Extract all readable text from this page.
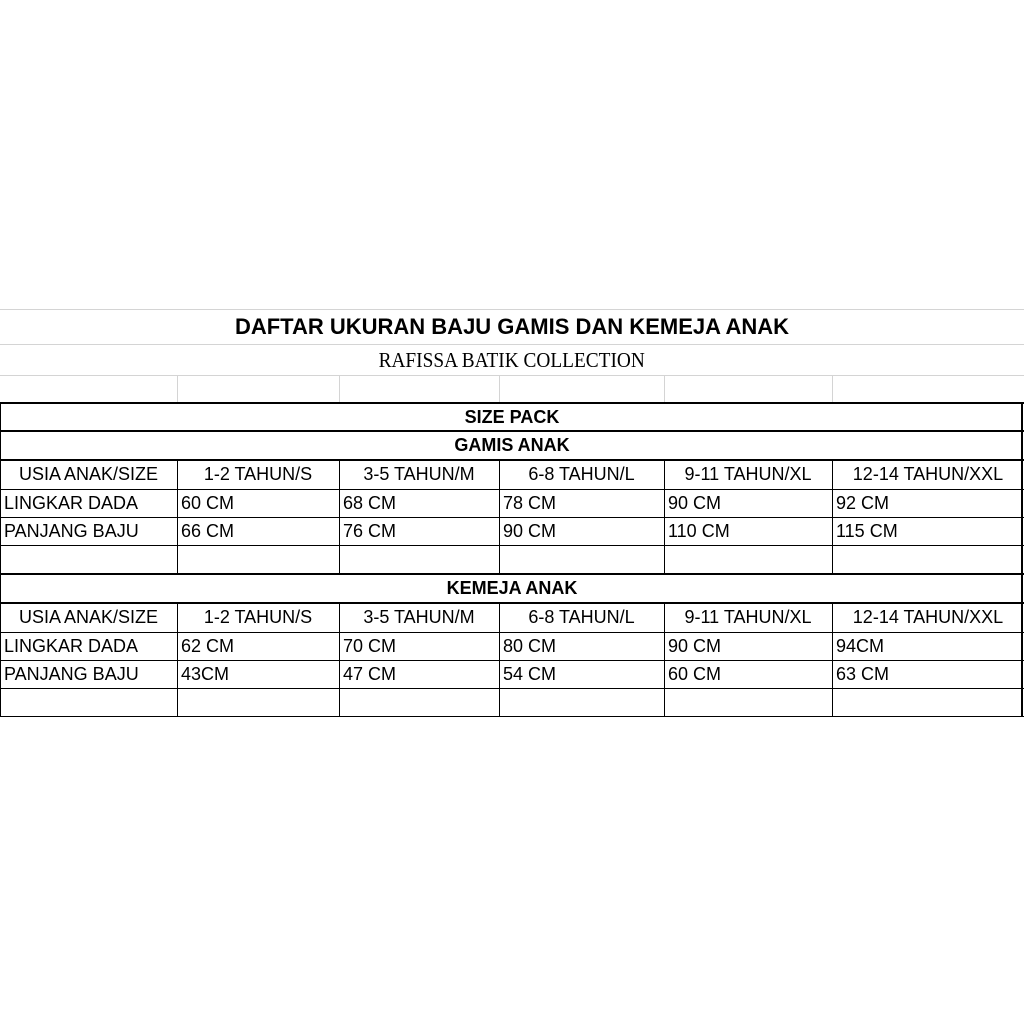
DAFTAR UKURAN BAJU GAMIS DAN KEMEJA ANAK
RAFISSA BATIK COLLECTION
SIZE PACK
GAMIS ANAK
USIA ANAK/SIZE	1-2 TAHUN/S	3-5 TAHUN/M	6-8 TAHUN/L	9-11 TAHUN/XL	12-14 TAHUN/XXL
LINGKAR DADA	60 CM	68 CM	78 CM	90 CM	92 CM
PANJANG BAJU	66 CM	76 CM	90 CM	110 CM	115 CM
KEMEJA ANAK
USIA ANAK/SIZE	1-2 TAHUN/S	3-5 TAHUN/M	6-8 TAHUN/L	9-11 TAHUN/XL	12-14 TAHUN/XXL
LINGKAR DADA	62 CM	70 CM	80 CM	90 CM	94CM
PANJANG BAJU	43CM	47 CM	54 CM	60 CM	63 CM
